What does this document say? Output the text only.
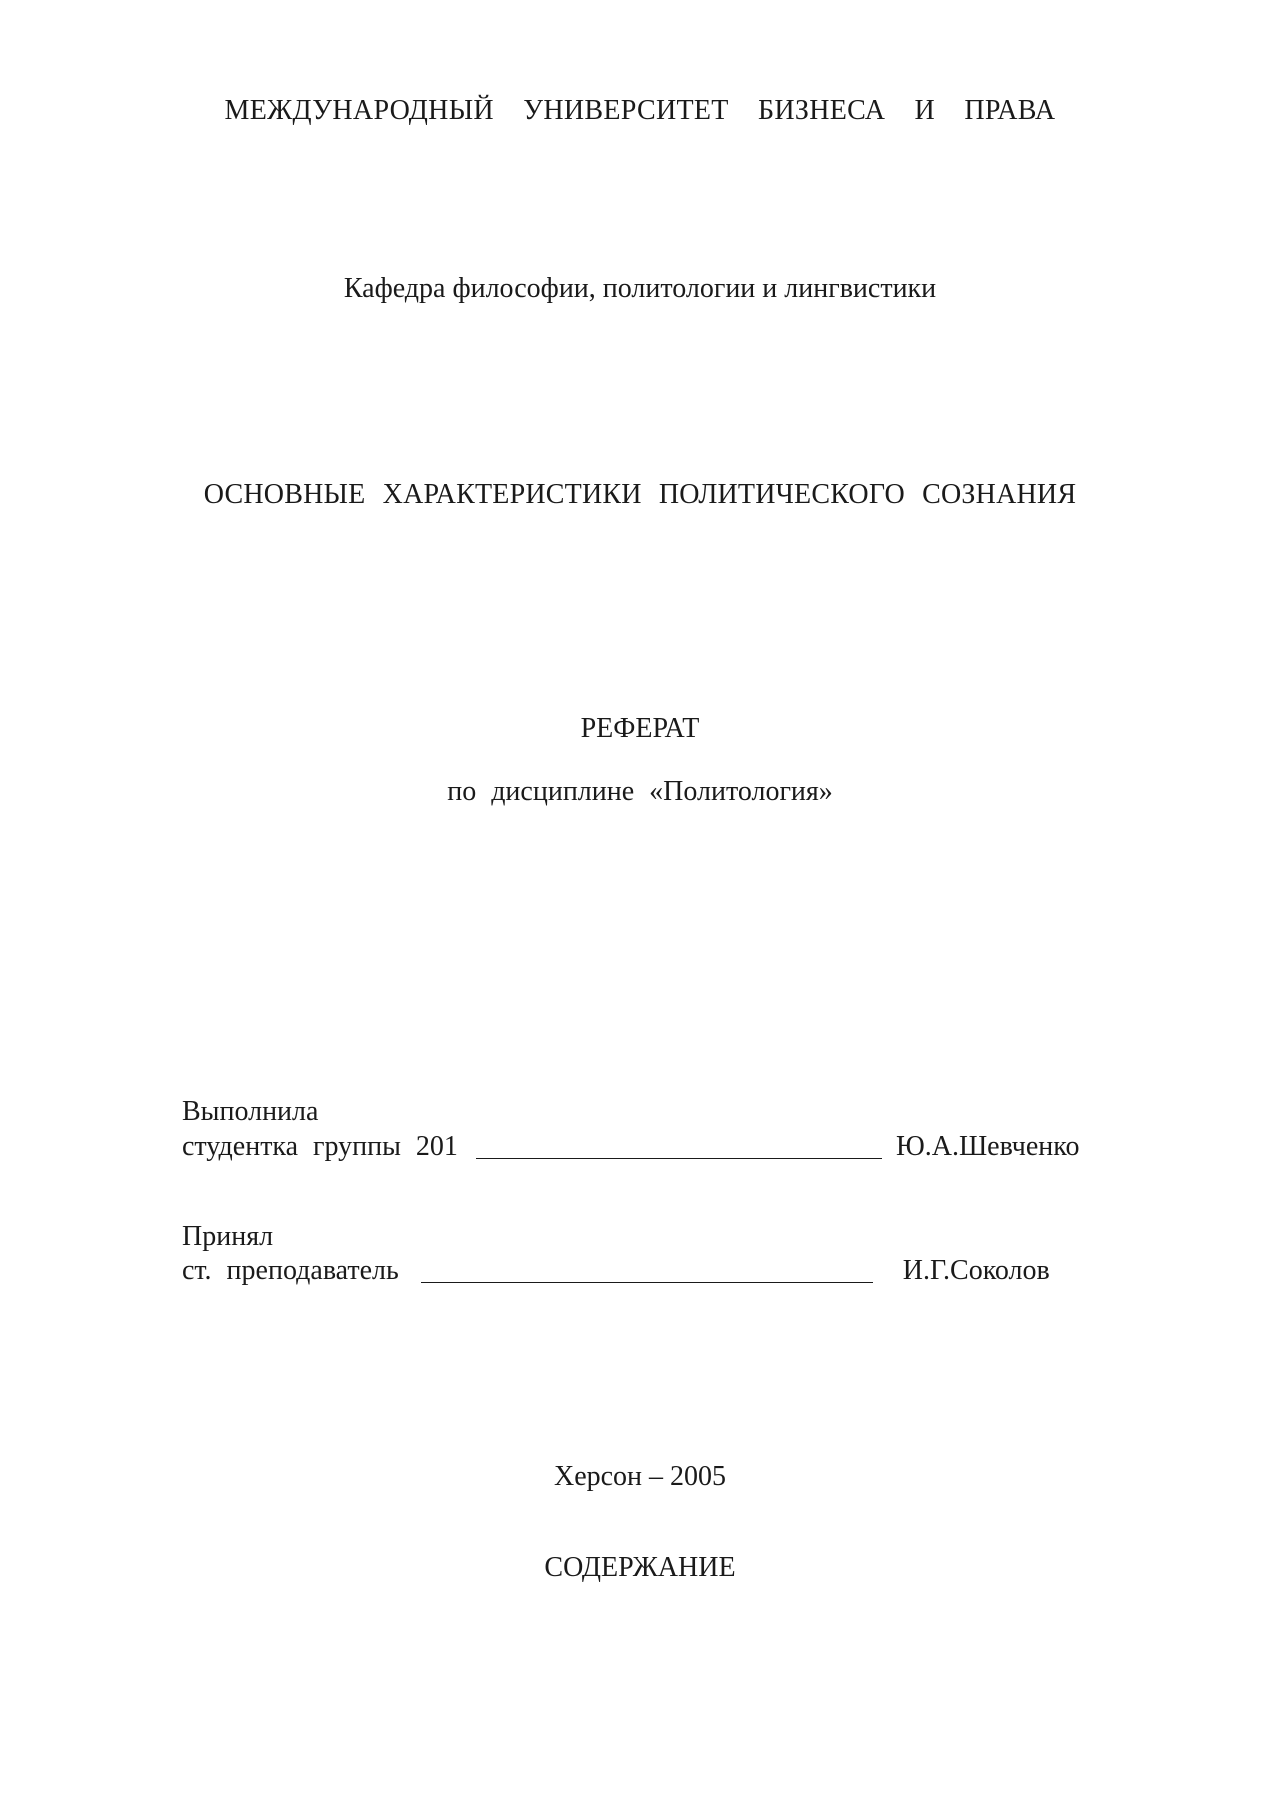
МЕЖДУНАРОДНЫЙ УНИВЕРСИТЕТ БИЗНЕСА И ПРАВА
Кафедра философии, политологии и лингвистики
ОСНОВНЫЕ ХАРАКТЕРИСТИКИ ПОЛИТИЧЕСКОГО СОЗНАНИЯ
РЕФЕРАТ
по дисциплине «Политология»
Выполнила
студентка группы 201	Ю.А.Шевченко
Принял
ст. преподаватель	И.Г.Соколов
Херсон – 2005
СОДЕРЖАНИЕ
